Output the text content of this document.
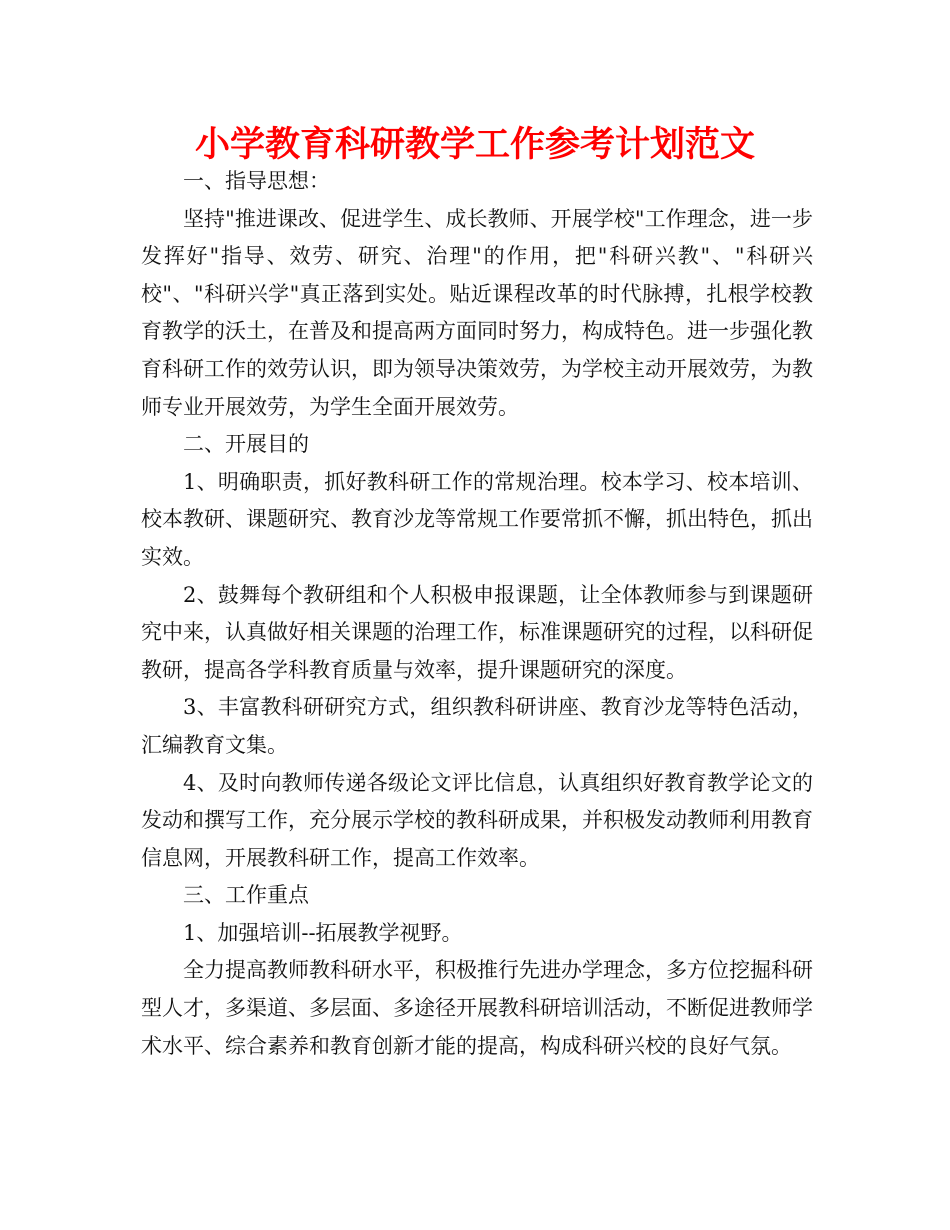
小学教育科研教学工作参考计划范文

一、指导思想：

坚持"推进课改、促进学生、成长教师、开展学校"工作理念，进一步发挥好"指导、效劳、研究、治理"的作用，把"科研兴教"、"科研兴校"、"科研兴学"真正落到实处。贴近课程改革的时代脉搏，扎根学校教育教学的沃土，在普及和提高两方面同时努力，构成特色。进一步强化教育科研工作的效劳认识，即为领导决策效劳，为学校主动开展效劳，为教师专业开展效劳，为学生全面开展效劳。

二、开展目的

1、明确职责，抓好教科研工作的常规治理。校本学习、校本培训、校本教研、课题研究、教育沙龙等常规工作要常抓不懈，抓出特色，抓出实效。

2、鼓舞每个教研组和个人积极申报课题，让全体教师参与到课题研究中来，认真做好相关课题的治理工作，标准课题研究的过程，以科研促教研，提高各学科教育质量与效率，提升课题研究的深度。

3、丰富教科研研究方式，组织教科研讲座、教育沙龙等特色活动，汇编教育文集。

4、及时向教师传递各级论文评比信息，认真组织好教育教学论文的发动和撰写工作，充分展示学校的教科研成果，并积极发动教师利用教育信息网，开展教科研工作，提高工作效率。

三、工作重点

1、加强培训--拓展教学视野。

全力提高教师教科研水平，积极推行先进办学理念，多方位挖掘科研型人才，多渠道、多层面、多途径开展教科研培训活动，不断促进教师学术水平、综合素养和教育创新才能的提高，构成科研兴校的良好气氛。
